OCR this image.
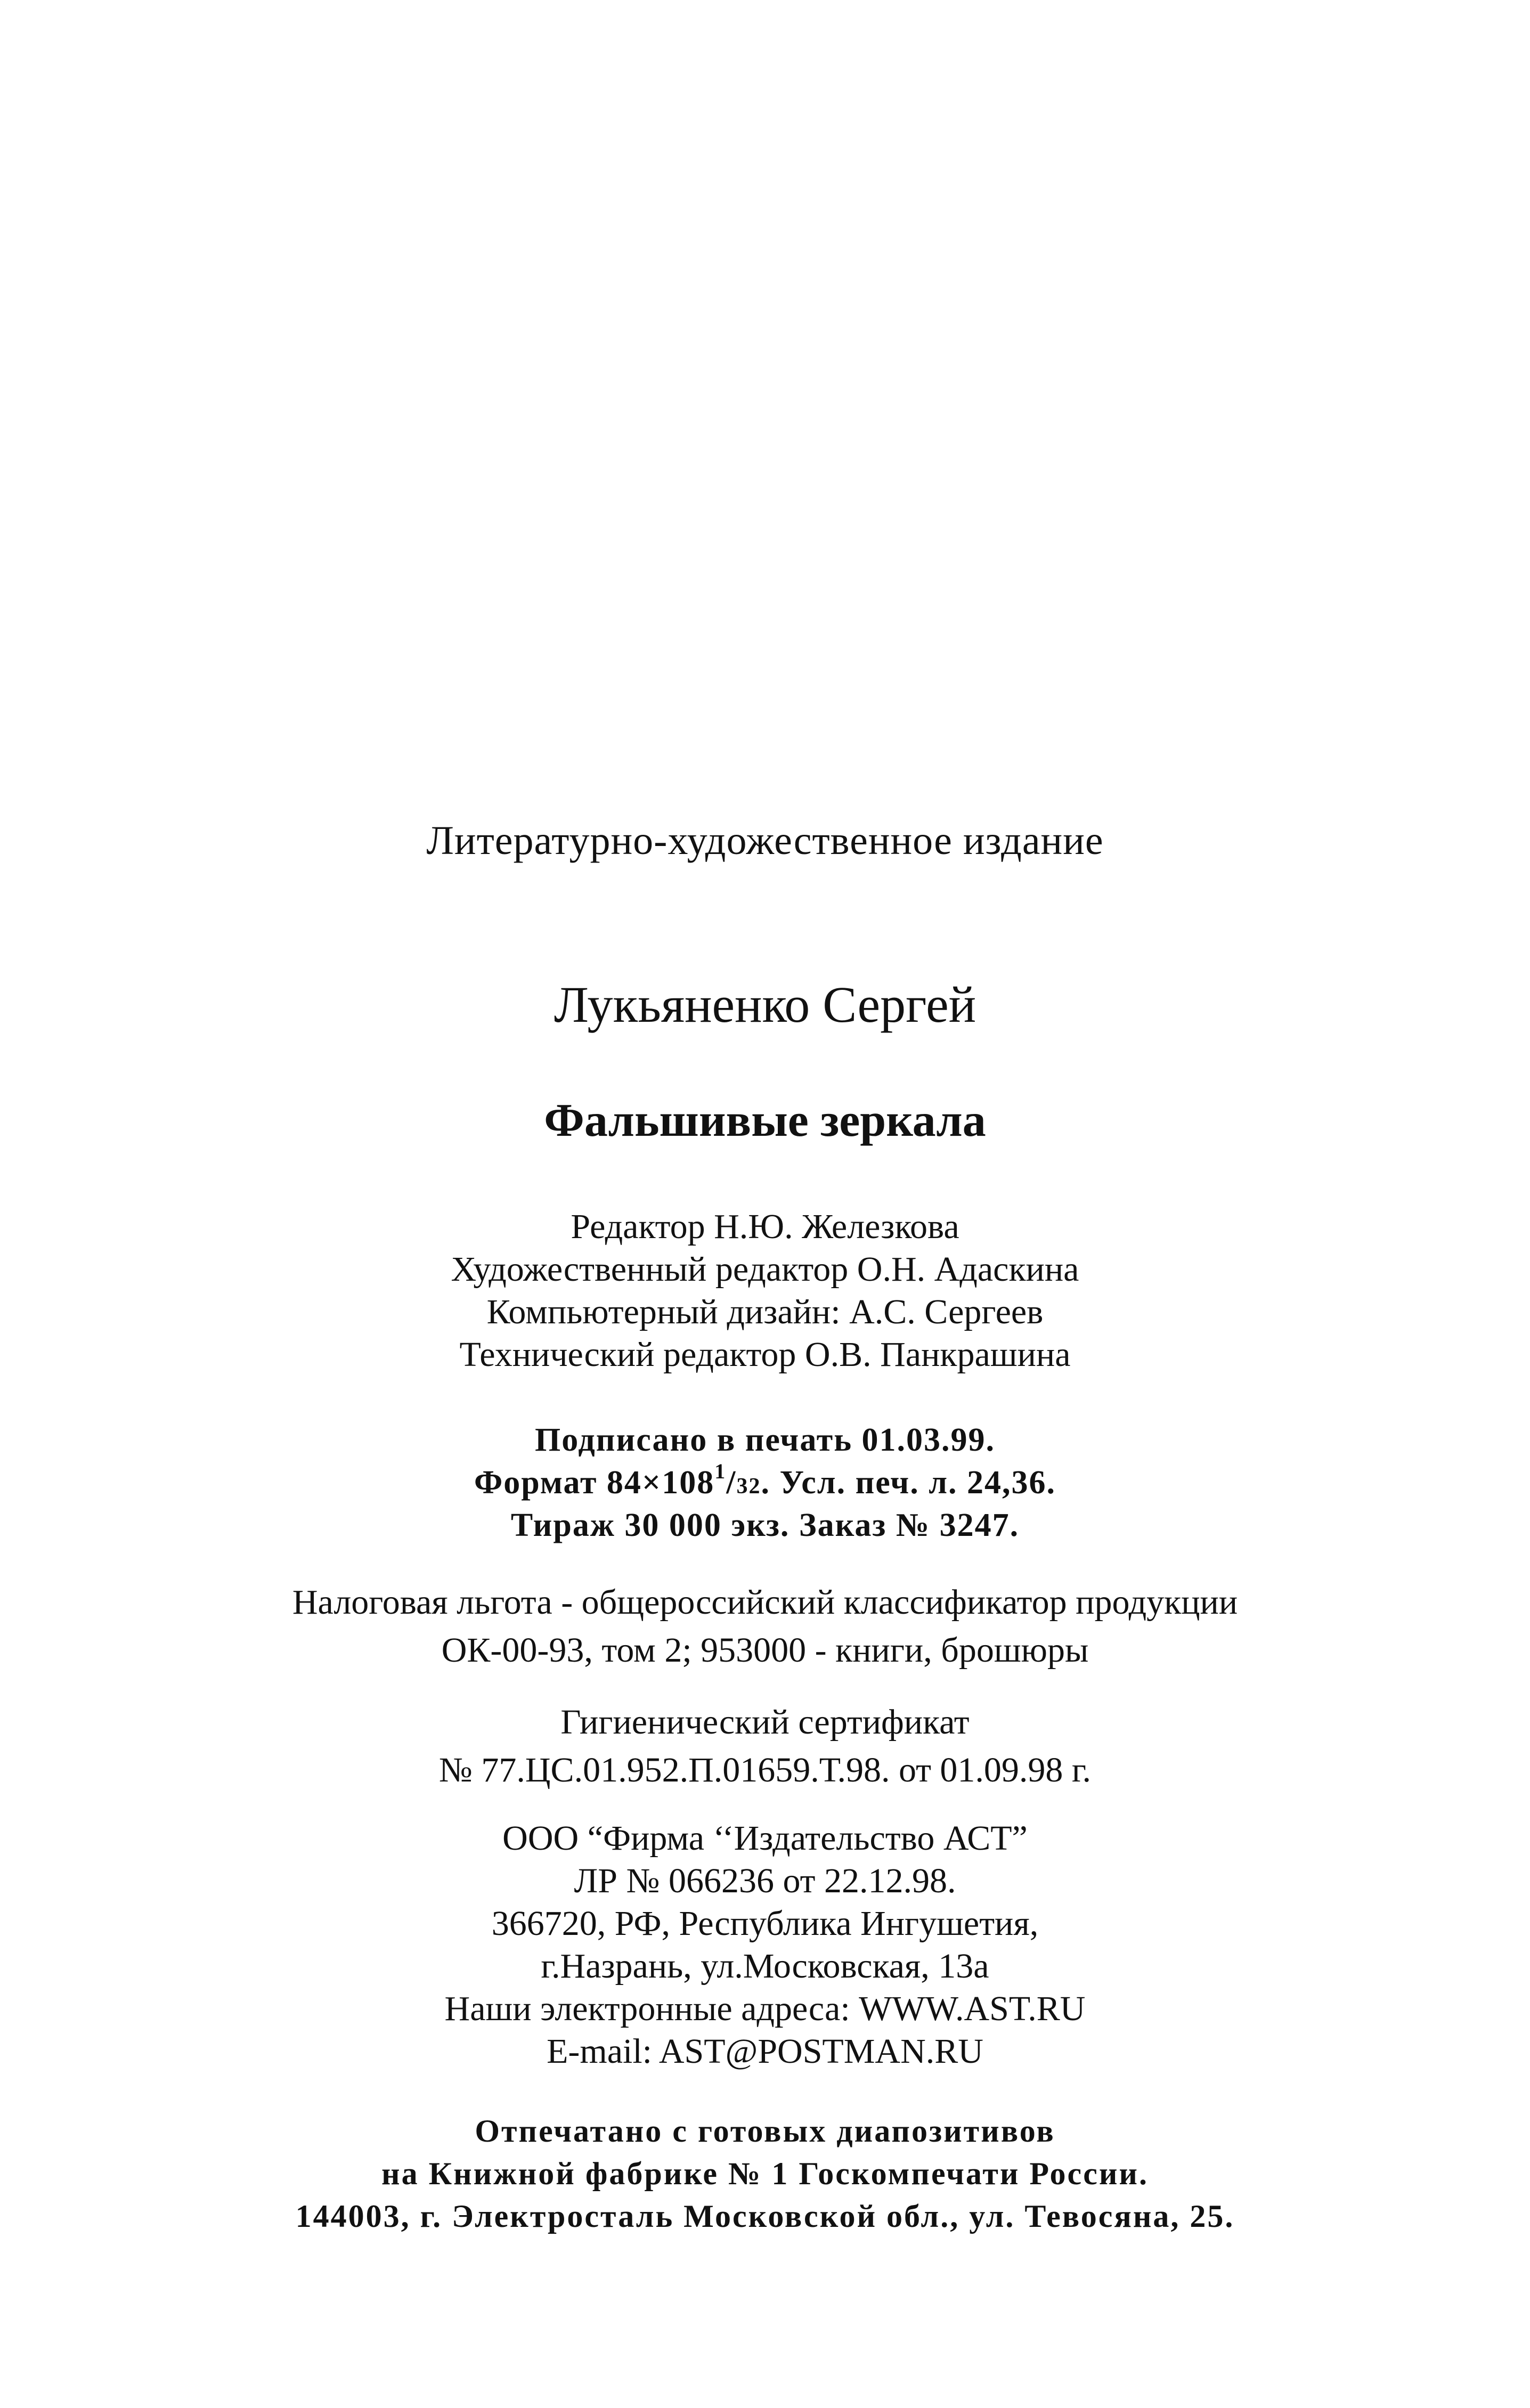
Литературно-художественное издание
Лукьяненко Сергей
Фальшивые зеркала
Редактор Н.Ю. Железкова
Художественный редактор О.Н. Адаскина
Компьютерный дизайн: А.С. Сергеев
Технический редактор О.В. Панкрашина
Подписано в печать 01.03.99.
Формат $84\times 108^1/32$. Усл. печ. л. 24,36.
Тираж 30 000 экз. Заказ № 3247.
Налоговая льгота - общероссийский классификатор продукции
ОК-00-93, том 2; 953000 - книги, брошюры
Гигиенический сертификат
№ 77.ЦС.01.952.П.01659.Т.98. от 01.09.98 г.
ООО “Фирма ‘‘Издательство АСТ”
ЛР № 066236 от 22.12.98.
366720, РФ, Республика Ингушетия,
г.Назрань, ул.Московская, 13а
Наши электронные адреса: WWW.AST.RU
E-mail: AST@POSTMAN.RU
Отпечатано с готовых диапозитивов
на Книжной фабрике № 1 Госкомпечати России.
144003, г. Электросталь Московской обл., ул. Тевосяна, 25.
